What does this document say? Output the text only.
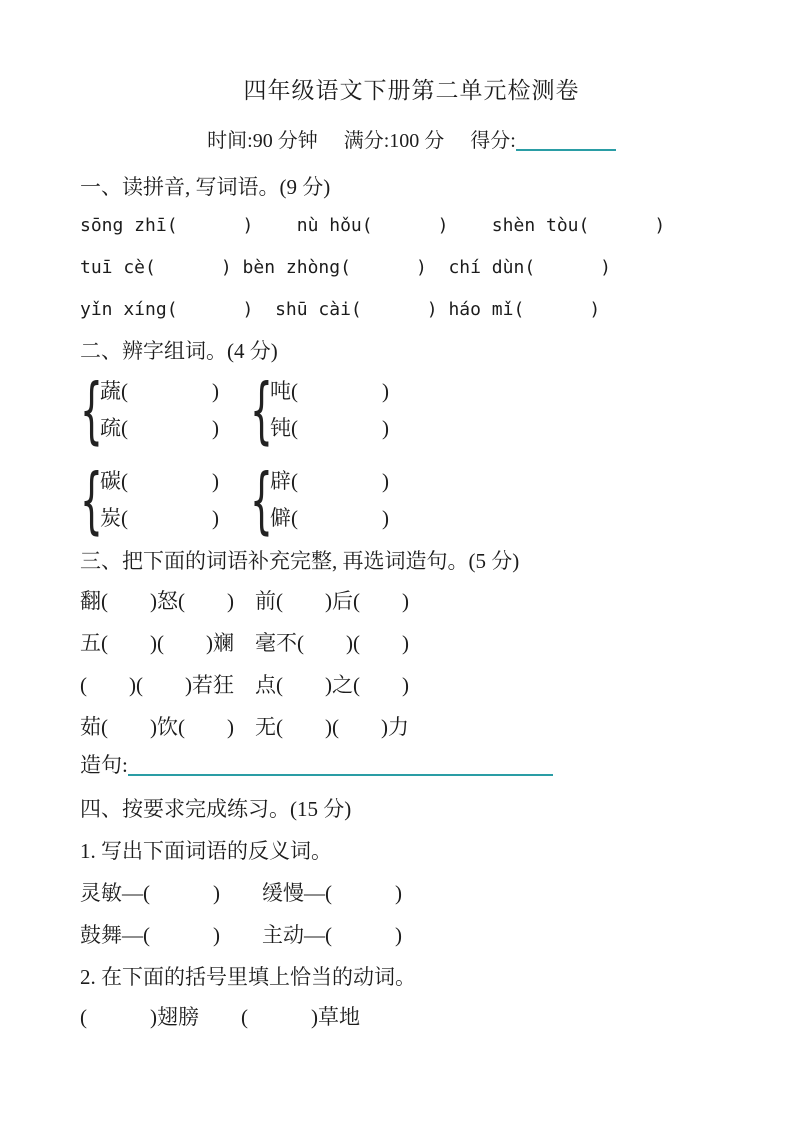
四年级语文下册第二单元检测卷
时间:90 分钟 满分:100 分 得分:
一、读拼音, 写词语。(9 分)
sōng zhī(      )    nù hǒu(      )    shèn tòu(      )
tuī cè(      ) bèn zhòng(      )  chí dùn(      )
yǐn xíng(      )  shū cài(      ) háo mǐ(      )
二、辨字组词。(4 分)
{
蔬(　　　　)
疏(　　　　) {
吨(　　　　)
钝(　　　　)
{
碳(　　　　)
炭(　　　　) {
辟(　　　　)
僻(　　　　)
三、把下面的词语补充完整, 再选词造句。(5 分)
翻(　　)怒(　　)　前(　　)后(　　)
五(　　)(　　)斓　毫不(　　)(　　)
(　　)(　　)若狂　点(　　)之(　　)
茹(　　)饮(　　)　无(　　)(　　)力
造句:
四、按要求完成练习。(15 分)
1. 写出下面词语的反义词。
灵敏—(　　　)　　缓慢—(　　　)
鼓舞—(　　　)　　主动—(　　　)
2. 在下面的括号里填上恰当的动词。
(　　　)翅膀　　(　　　)草地
